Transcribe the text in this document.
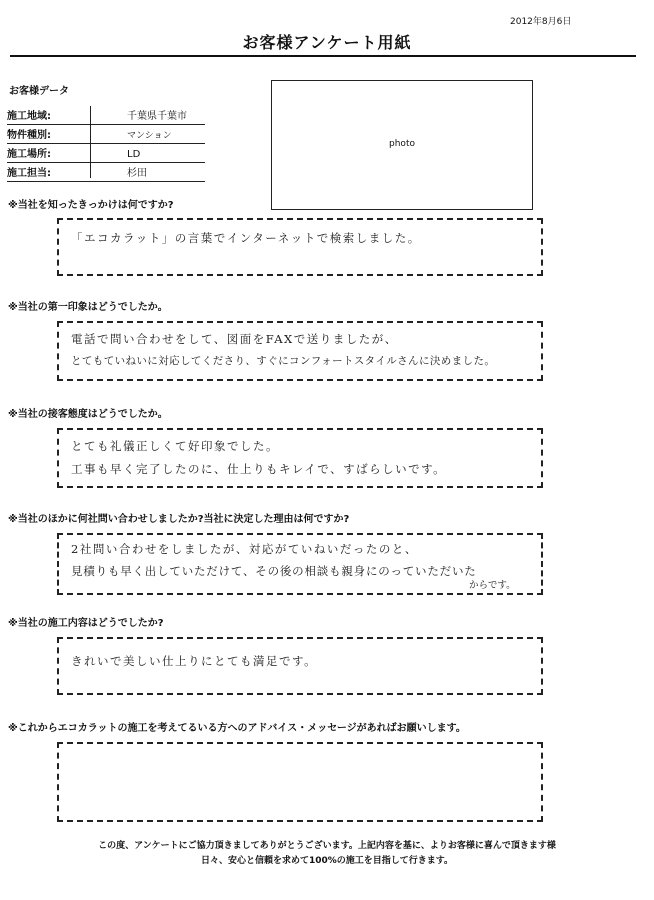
2012年8月6日
お客様アンケート用紙
お客様データ
施工地域:	千葉県千葉市
物件種別:	マンション
施工場所:	LD
施工担当:	杉田
photo
※当社を知ったきっかけは何ですか?
「エコカラット」の言葉でインターネットで検索しました。
※当社の第一印象はどうでしたか。
電話で問い合わせをして、図面をFAXで送りましたが、
とてもていねいに対応してくださり、すぐにコンフォートスタイルさんに決めました。
※当社の接客態度はどうでしたか。
とても礼儀正しくて好印象でした。
工事も早く完了したのに、仕上りもキレイで、すばらしいです。
※当社のほかに何社問い合わせしましたか?当社に決定した理由は何ですか?
2社問い合わせをしましたが、対応がていねいだったのと、
見積りも早く出していただけて、その後の相談も親身にのっていただいた
からです。
※当社の施工内容はどうでしたか?
きれいで美しい仕上りにとても満足です。
※これからエコカラットの施工を考えてるいる方へのアドバイス・メッセージがあればお願いします。
この度、アンケートにご協力頂きましてありがとうございます。上記内容を基に、よりお客様に喜んで頂きます様
日々、安心と信頼を求めて100%の施工を目指して行きます。
